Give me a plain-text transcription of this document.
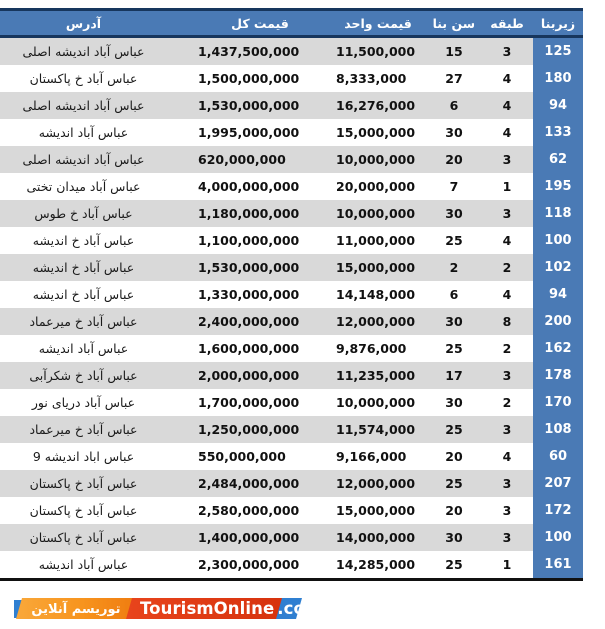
زیربنا	طبقه	سن بنا	قیمت واحد	قیمت کل	آدرس
125	3	15	11,500,000	1,437,500,000	عباس آباد اندیشه اصلی
180	4	27	8,333,000	1,500,000,000	عباس آباد خ پاکستان
94	4	6	16,276,000	1,530,000,000	عباس آباد اندیشه اصلی
133	4	30	15,000,000	1,995,000,000	عباس آباد اندیشه
62	3	20	10,000,000	620,000,000	عباس آباد اندیشه اصلی
195	1	7	20,000,000	4,000,000,000	عباس آباد میدان تختی
118	3	30	10,000,000	1,180,000,000	عباس آباد خ طوس
100	4	25	11,000,000	1,100,000,000	عباس آباد خ اندیشه
102	2	2	15,000,000	1,530,000,000	عباس آباد خ اندیشه
94	4	6	14,148,000	1,330,000,000	عباس آباد خ اندیشه
200	8	30	12,000,000	2,400,000,000	عباس آباد خ میرعماد
162	2	25	9,876,000	1,600,000,000	عباس آباد اندیشه
178	3	17	11,235,000	2,000,000,000	عباس آباد خ شکرآبی
170	2	30	10,000,000	1,700,000,000	عباس آباد دریای نور
108	3	25	11,574,000	1,250,000,000	عباس آباد خ میرعماد
60	4	20	9,166,000	550,000,000	عباس اباد اندیشه 9
207	3	25	12,000,000	2,484,000,000	عباس آباد خ پاکستان
172	3	20	15,000,000	2,580,000,000	عباس آباد خ پاکستان
100	3	30	14,000,000	1,400,000,000	عباس آباد خ پاکستان
161	1	25	14,285,000	2,300,000,000	عباس آباد اندیشه
توریسم آنلاین TourismOnline .co
